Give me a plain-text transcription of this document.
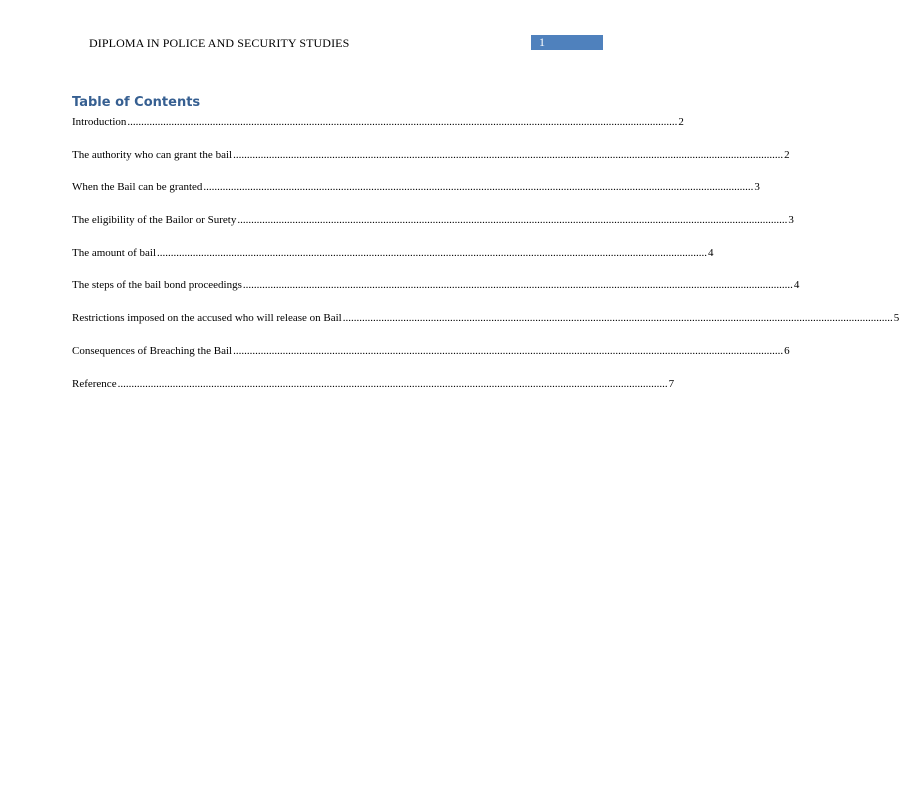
DIPLOMA IN POLICE AND SECURITY STUDIES	1
Table of Contents
Introduction ........................................................................................................................................................................................................ 2
The authority who can grant the bail ........................................................................................................................................................................................................ 2
When the Bail can be granted ........................................................................................................................................................................................................ 3
The eligibility of the Bailor or Surety ........................................................................................................................................................................................................ 3
The amount of bail ........................................................................................................................................................................................................ 4
The steps of the bail bond proceedings ........................................................................................................................................................................................................ 4
Restrictions imposed on the accused who will release on Bail ........................................................................................................................................................................................................ 5
Consequences of Breaching the Bail ........................................................................................................................................................................................................ 6
Reference ........................................................................................................................................................................................................ 7
